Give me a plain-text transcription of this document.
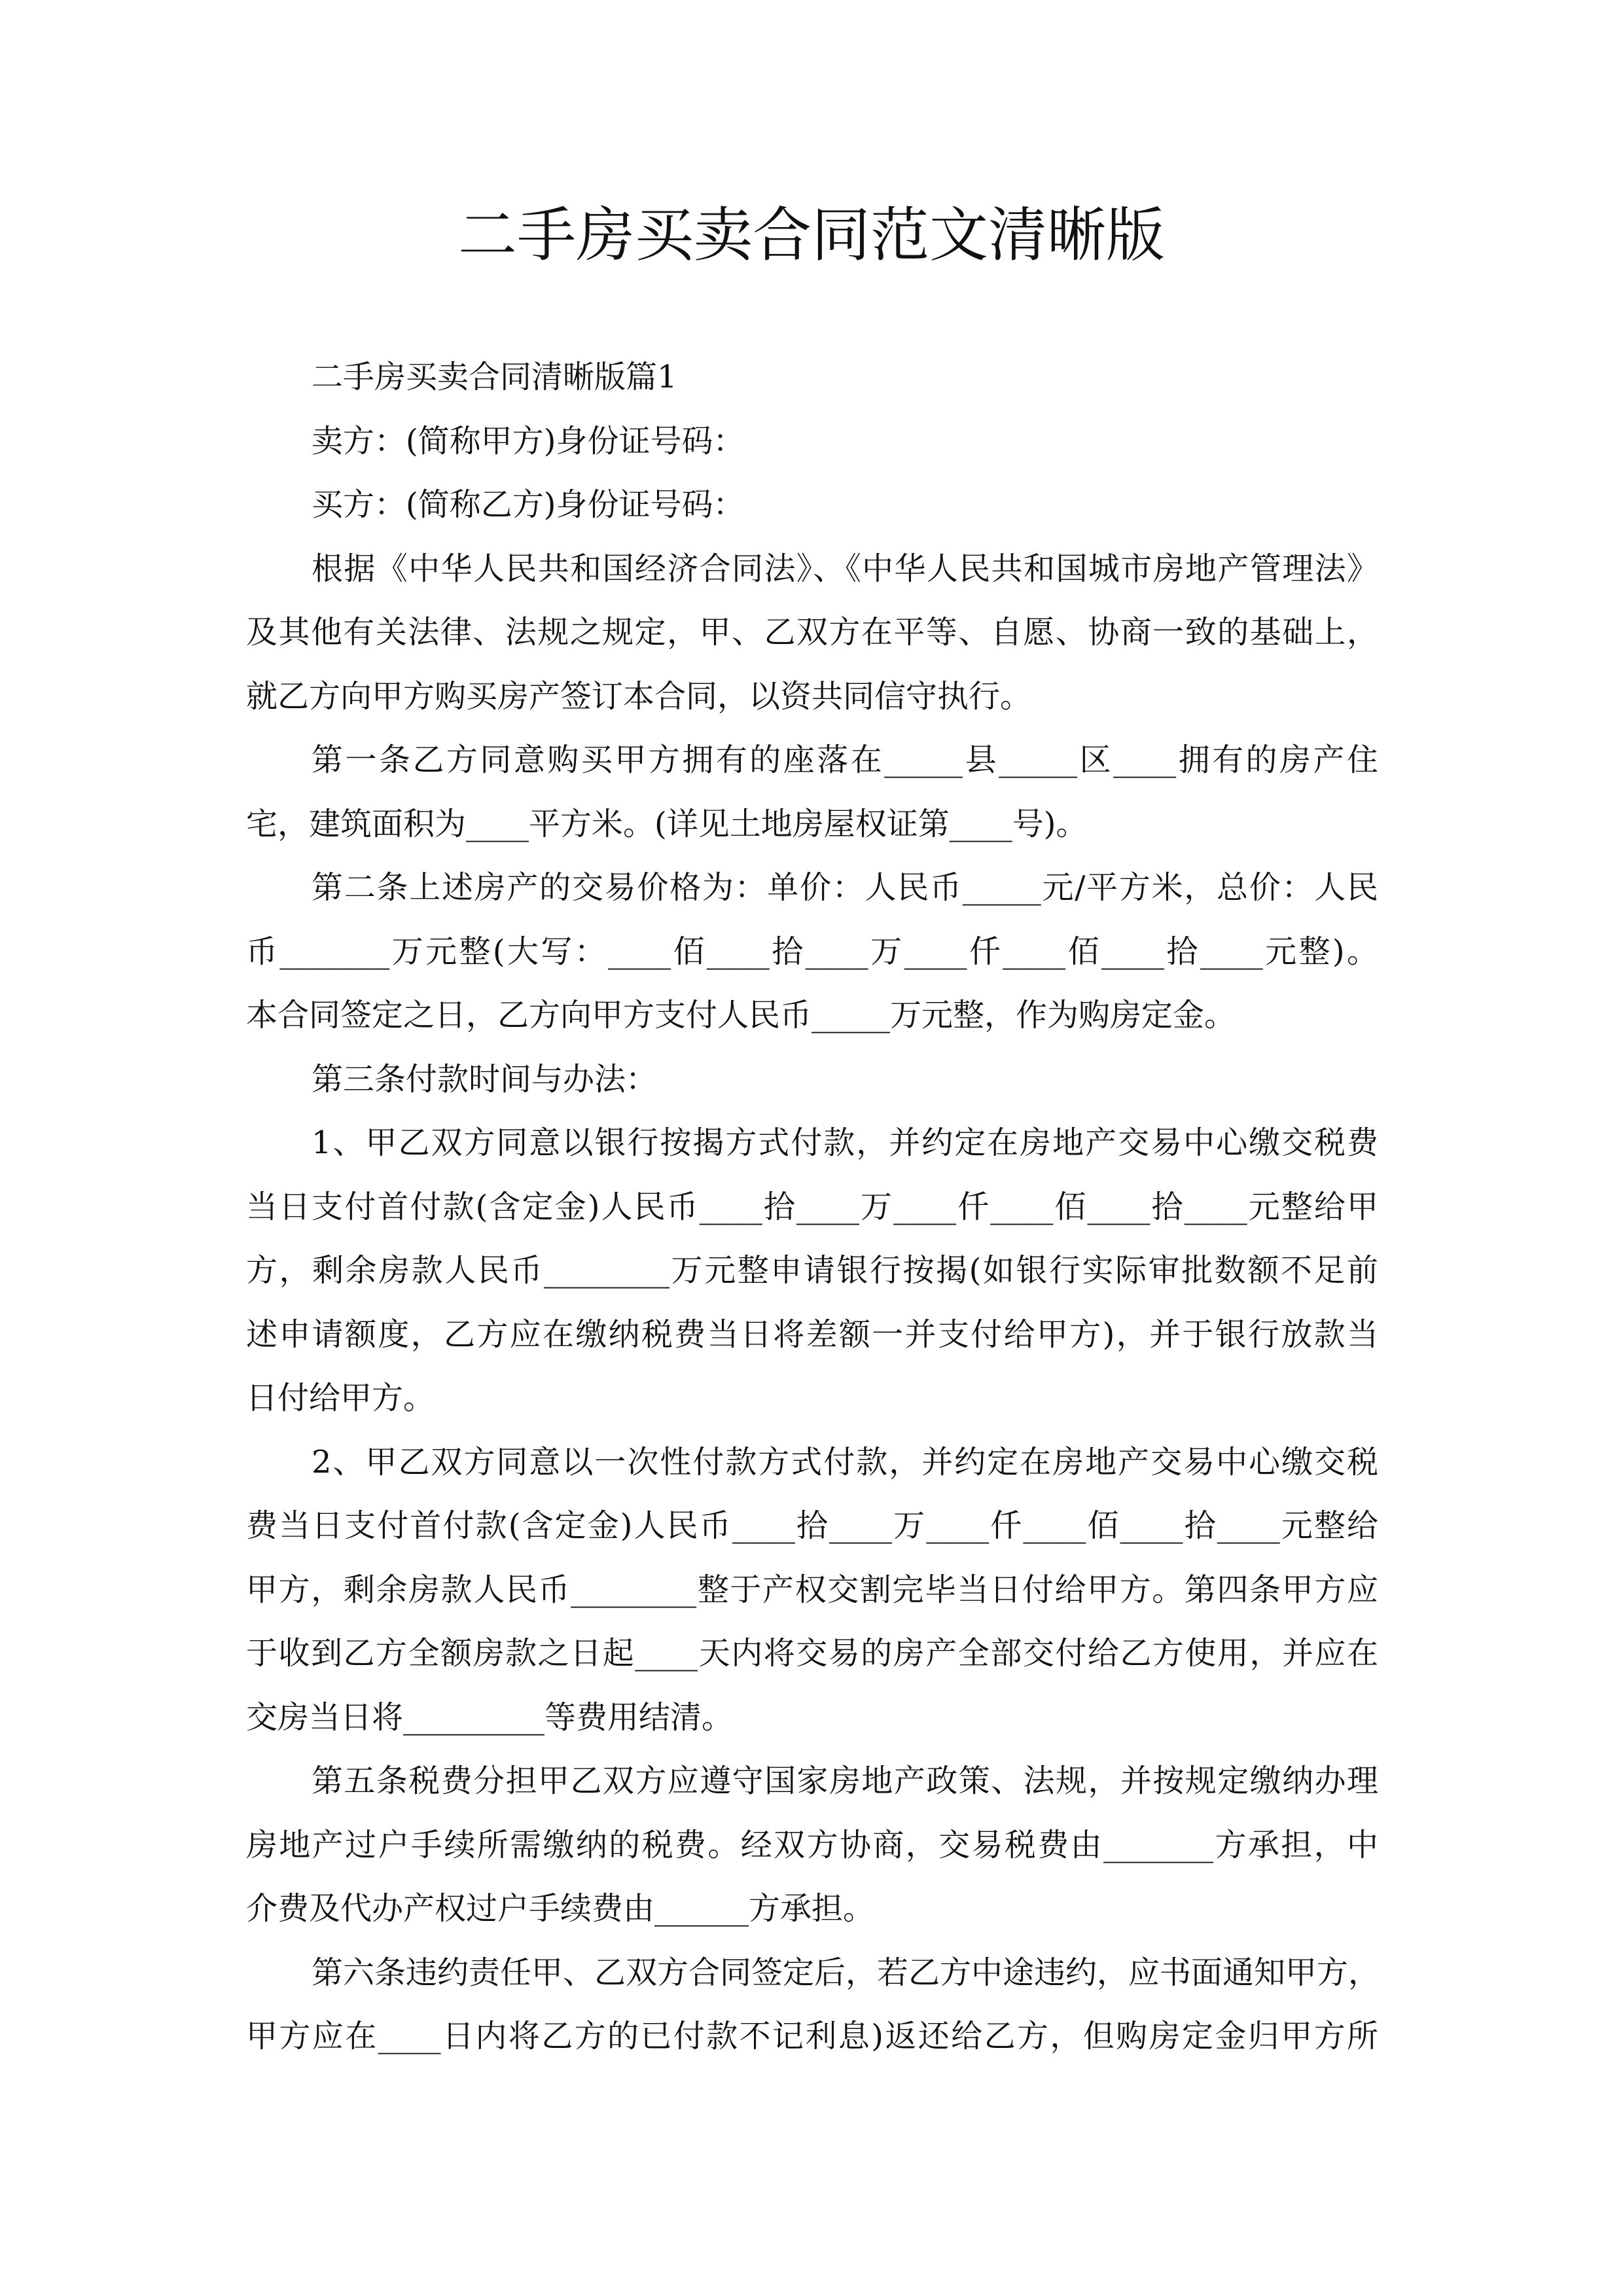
二手房买卖合同范文清晰版
二手房买卖合同清晰版篇1
卖方：(简称甲方)身份证号码：
买方：(简称乙方)身份证号码：
根据《中华人民共和国经济合同法》、《中华人民共和国城市房地产管理法》
及其他有关法律、法规之规定，甲、乙双方在平等、自愿、协商一致的基础上，
就乙方向甲方购买房产签订本合同，以资共同信守执行。
第一条乙方同意购买甲方拥有的座落在_____县_____区____拥有的房产住
宅，建筑面积为____平方米。(详见土地房屋权证第____号)。
第二条上述房产的交易价格为：单价：人民币_____元/平方米，总价：人民
币_______万元整(大写：____佰____拾____万____仟____佰____拾____元整)。
本合同签定之日，乙方向甲方支付人民币_____万元整，作为购房定金。
第三条付款时间与办法：
1、甲乙双方同意以银行按揭方式付款，并约定在房地产交易中心缴交税费
当日支付首付款(含定金)人民币____拾____万____仟____佰____拾____元整给甲
方，剩余房款人民币________万元整申请银行按揭(如银行实际审批数额不足前
述申请额度，乙方应在缴纳税费当日将差额一并支付给甲方)，并于银行放款当
日付给甲方。
2、甲乙双方同意以一次性付款方式付款，并约定在房地产交易中心缴交税
费当日支付首付款(含定金)人民币____拾____万____仟____佰____拾____元整给
甲方，剩余房款人民币________整于产权交割完毕当日付给甲方。第四条甲方应
于收到乙方全额房款之日起____天内将交易的房产全部交付给乙方使用，并应在
交房当日将_________等费用结清。
第五条税费分担甲乙双方应遵守国家房地产政策、法规，并按规定缴纳办理
房地产过户手续所需缴纳的税费。经双方协商，交易税费由_______方承担，中
介费及代办产权过户手续费由______方承担。
第六条违约责任甲、乙双方合同签定后，若乙方中途违约，应书面通知甲方，
甲方应在____日内将乙方的已付款不记利息)返还给乙方，但购房定金归甲方所
